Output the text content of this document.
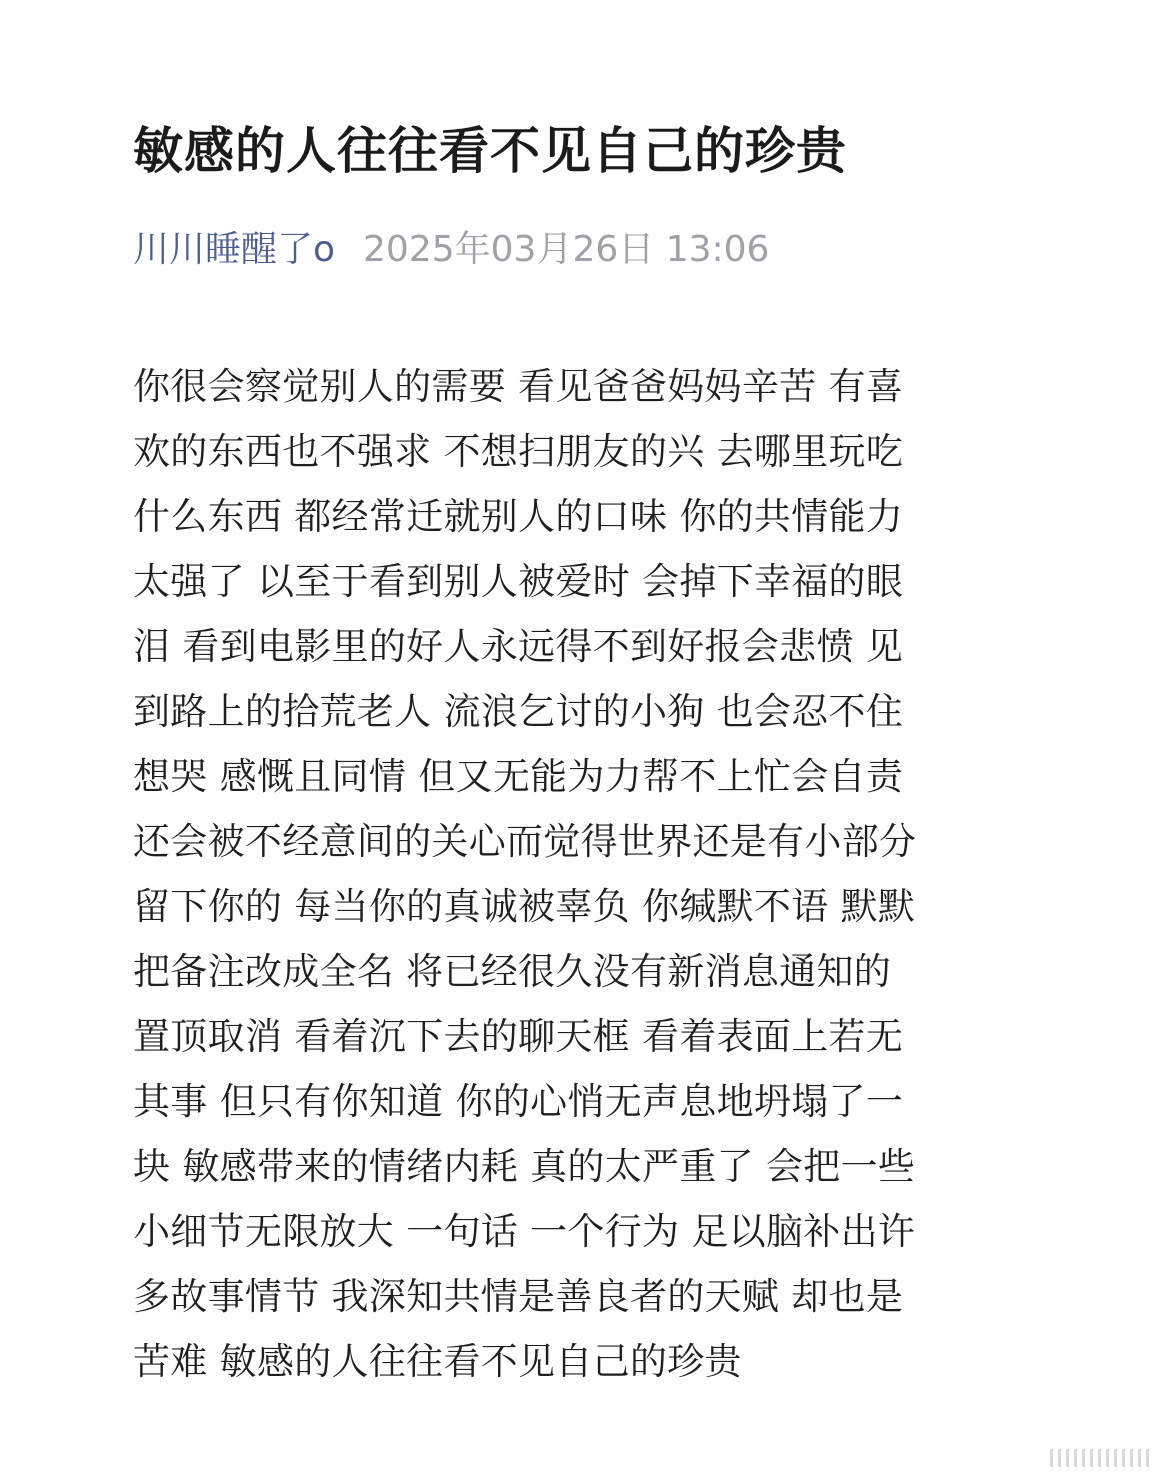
敏感的人往往看不见自己的珍贵
川川睡醒了o 2025年03月26日 13:06
你很会察觉别人的需要 看见爸爸妈妈辛苦 有喜
欢的东西也不强求 不想扫朋友的兴 去哪里玩吃
什么东西 都经常迁就别人的口味 你的共情能力
太强了 以至于看到别人被爱时 会掉下幸福的眼
泪 看到电影里的好人永远得不到好报会悲愤 见
到路上的拾荒老人 流浪乞讨的小狗 也会忍不住
想哭 感慨且同情 但又无能为力帮不上忙会自责
还会被不经意间的关心而觉得世界还是有小部分
留下你的 每当你的真诚被辜负 你缄默不语 默默
把备注改成全名 将已经很久没有新消息通知的
置顶取消 看着沉下去的聊天框 看着表面上若无
其事 但只有你知道 你的心悄无声息地坍塌了一
块 敏感带来的情绪内耗 真的太严重了 会把一些
小细节无限放大 一句话 一个行为 足以脑补出许
多故事情节 我深知共情是善良者的天赋 却也是
苦难 敏感的人往往看不见自己的珍贵
